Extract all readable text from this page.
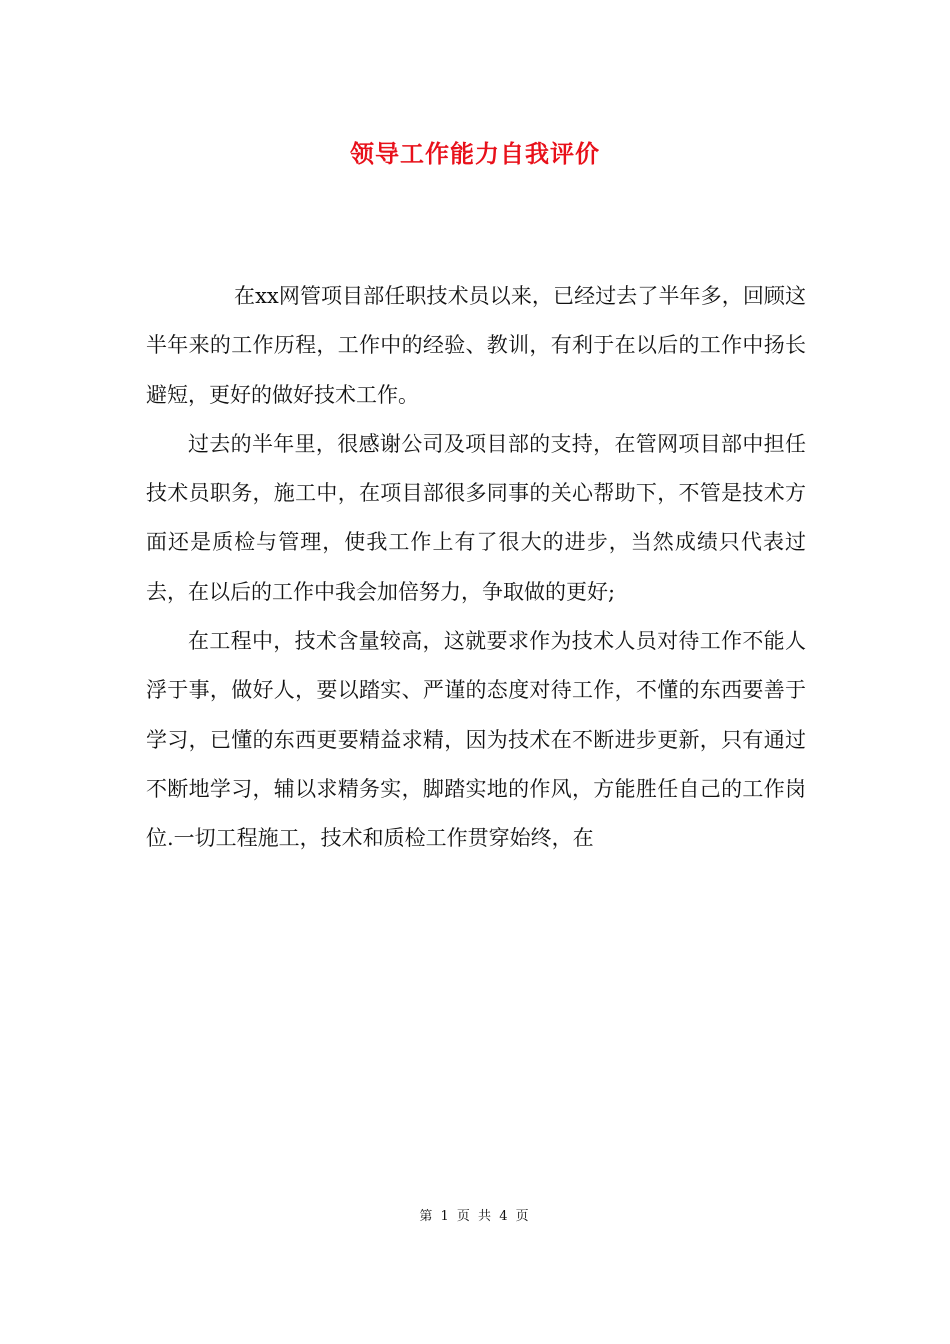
领导工作能力自我评价

在xx网管项目部任职技术员以来，已经过去了半年多，回顾这半年来的工作历程，工作中的经验、教训，有利于在以后的工作中扬长避短，更好的做好技术工作。

过去的半年里，很感谢公司及项目部的支持，在管网项目部中担任技术员职务，施工中，在项目部很多同事的关心帮助下，不管是技术方面还是质检与管理，使我工作上有了很大的进步，当然成绩只代表过去，在以后的工作中我会加倍努力，争取做的更好;

在工程中，技术含量较高，这就要求作为技术人员对待工作不能人浮于事，做好人，要以踏实、严谨的态度对待工作，不懂的东西要善于学习，已懂的东西更要精益求精，因为技术在不断进步更新，只有通过不断地学习，辅以求精务实，脚踏实地的作风，方能胜任自己的工作岗位.一切工程施工，技术和质检工作贯穿始终，在

第 1 页 共 4 页
